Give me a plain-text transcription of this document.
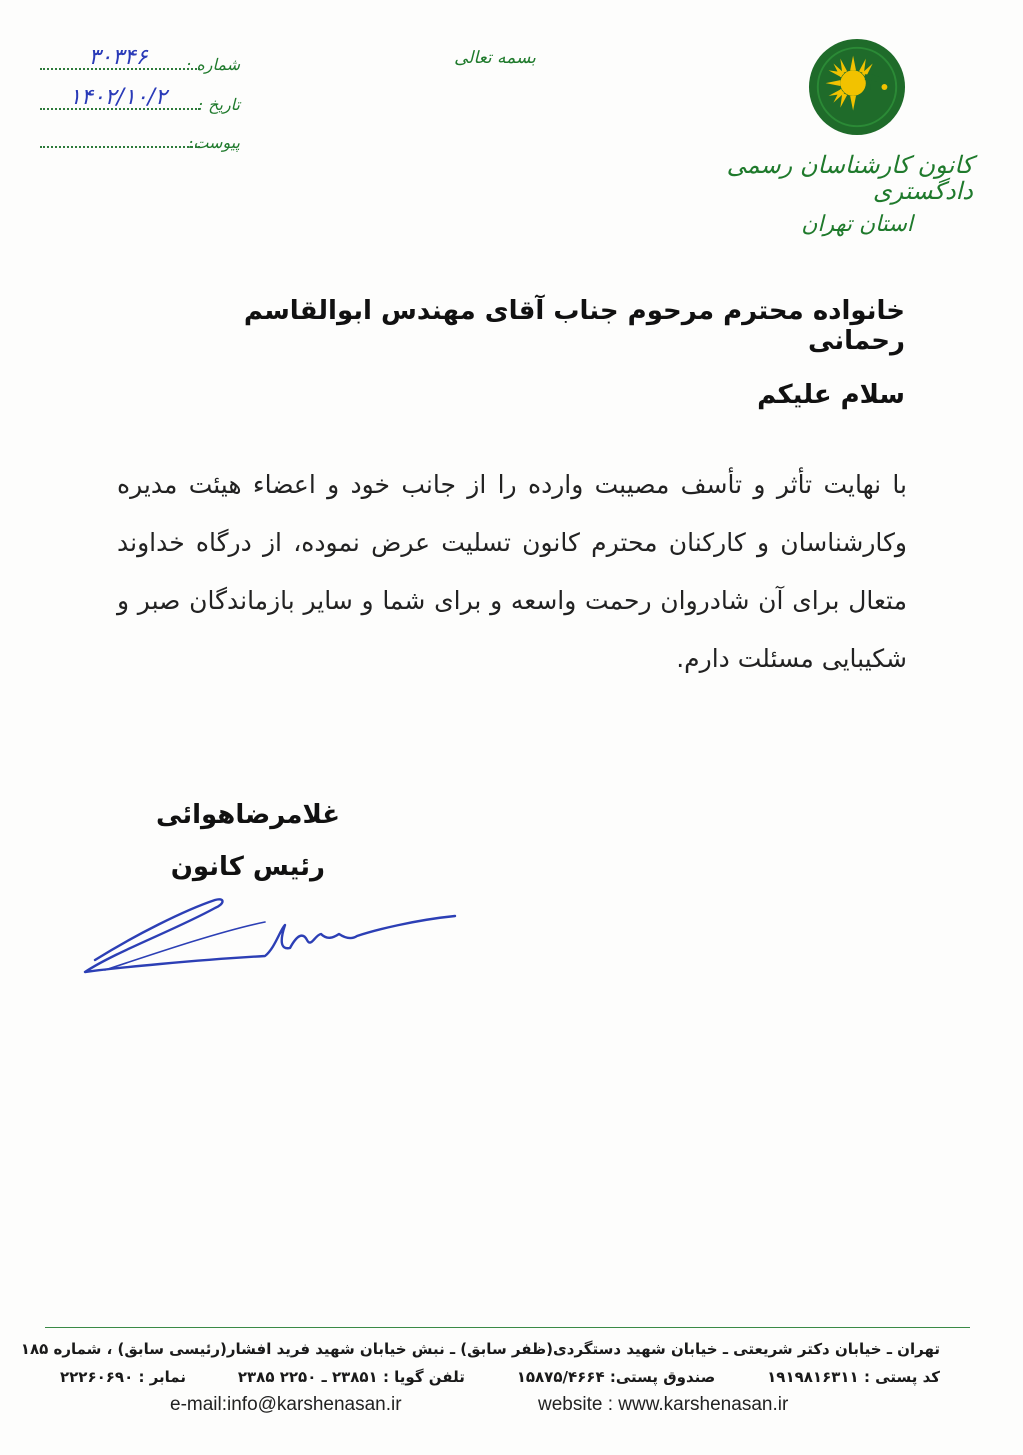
کانون کارشناسان رسمی دادگستری
استان تهران
بسمه تعالی
شماره :
۳۰۳۴۶
تاریخ :
۱۴۰۲/۱۰/۲
پیوست:
خانواده محترم مرحوم جناب آقای مهندس ابوالقاسم رحمانی
سلام علیکم
با نهایت تأثر و تأسف مصیبت وارده را از جانب خود و اعضاء هیئت مدیره وکارشناسان و کارکنان محترم کانون تسلیت عرض نموده، از درگاه خداوند متعال برای آن شادروان رحمت واسعه و برای شما و سایر بازماندگان صبر و شکیبایی مسئلت دارم.
غلامرضاهوائی
رئیس کانون
تهران ـ خیابان دکتر شریعتی ـ خیابان شهید دستگردی(ظفر سابق) ـ نبش خیابان شهید فرید افشار(رئیسی سابق) ، شماره ۱۸۵
کد پستی : ۱۹۱۹۸۱۶۳۱۱
صندوق پستی: ۱۵۸۷۵/۴۶۶۴
تلفن گویا : ۲۳۸۵۱ ـ ۲۲۵۰ ۲۳۸۵
نمابر : ۲۲۲۶۰۶۹۰
e-mail:info@karshenasan.ir	website : www.karshenasan.ir
